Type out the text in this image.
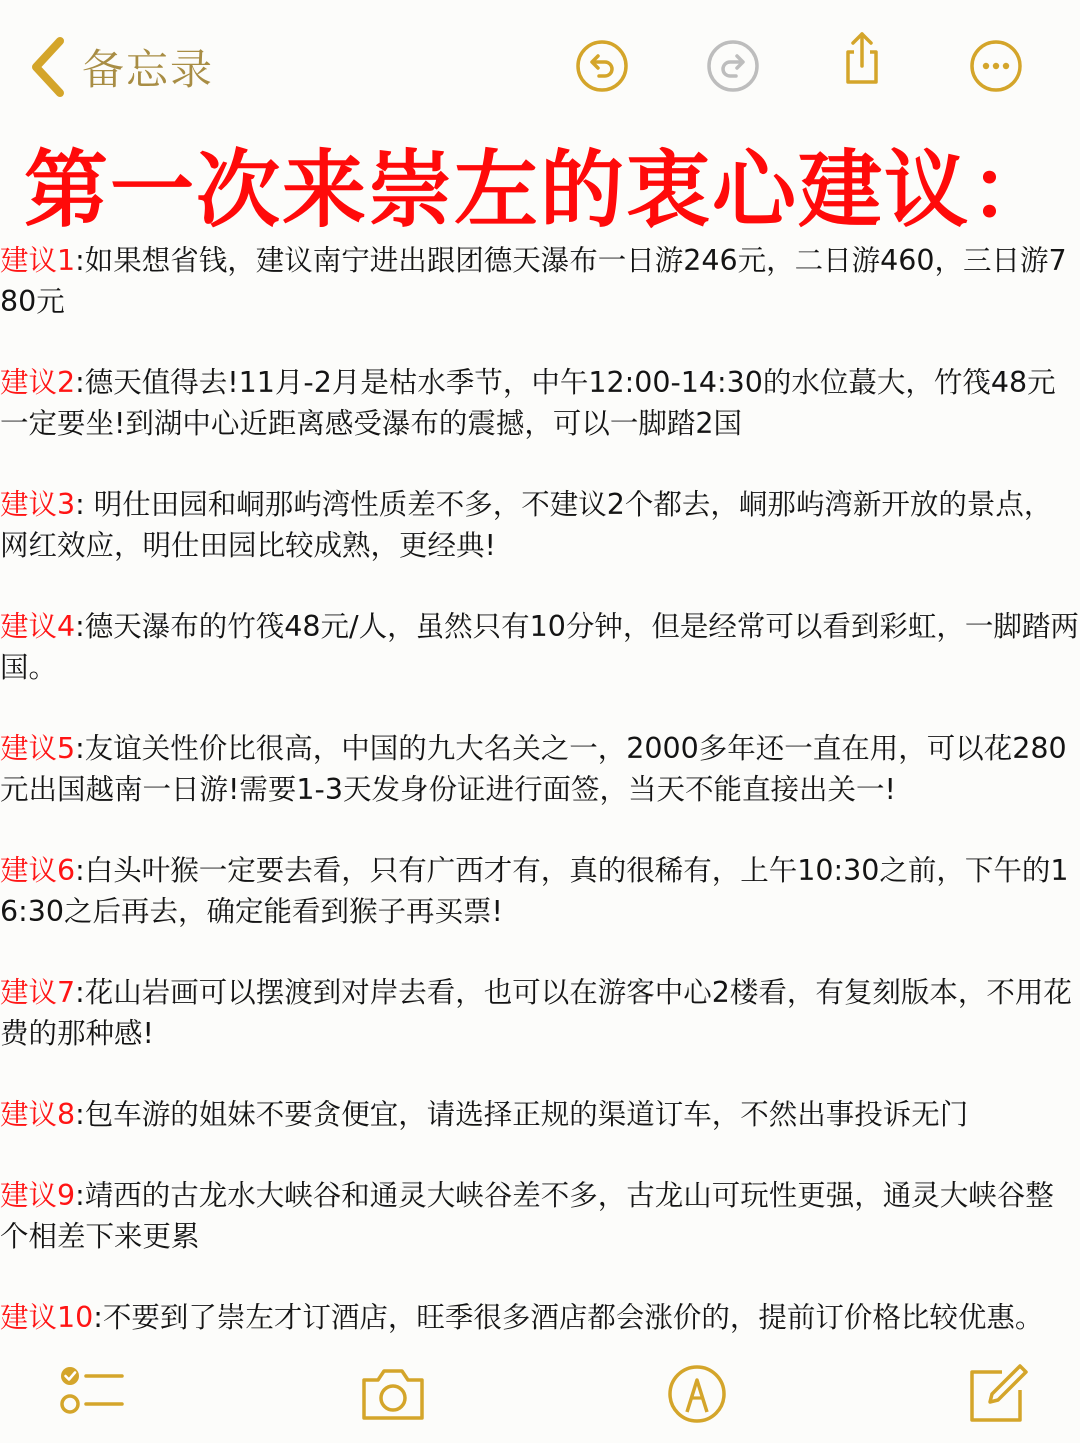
备忘录
第一次来崇左的衷心建议：
建议1:如果想省钱，建议南宁进出跟团德天瀑布一日游246元，二日游460，三日游780元
建议2:德天值得去!11月-2月是枯水季节，中午12:00-14:30的水位蕞大，竹筏48元一定要坐!到湖中心近距离感受瀑布的震撼，可以一脚踏2国
建议3: 明仕田园和峒那屿湾性质差不多，不建议2个都去，峒那屿湾新开放的景点，网红效应，明仕田园比较成熟，更经典!
建议4:德天瀑布的竹筏48元/人，虽然只有10分钟，但是经常可以看到彩虹，一脚踏两国。
建议5:友谊关性价比很高，中国的九大名关之一，2000多年还一直在用，可以花280元出国越南一日游!需要1-3天发身份证进行面签，当天不能直接出关一!
建议6:白头叶猴一定要去看，只有广西才有，真的很稀有，上午10:30之前，下午的16:30之后再去，确定能看到猴子再买票!
建议7:花山岩画可以摆渡到对岸去看，也可以在游客中心2楼看，有复刻版本，不用花费的那种感!
建议8:包车游的姐妹不要贪便宜，请选择正规的渠道订车，不然出事投诉无门
建议9:靖西的古龙水大峡谷和通灵大峡谷差不多，古龙山可玩性更强，通灵大峡谷整个相差下来更累
建议10:不要到了崇左才订酒店，旺季很多酒店都会涨价的，提前订价格比较优惠。
